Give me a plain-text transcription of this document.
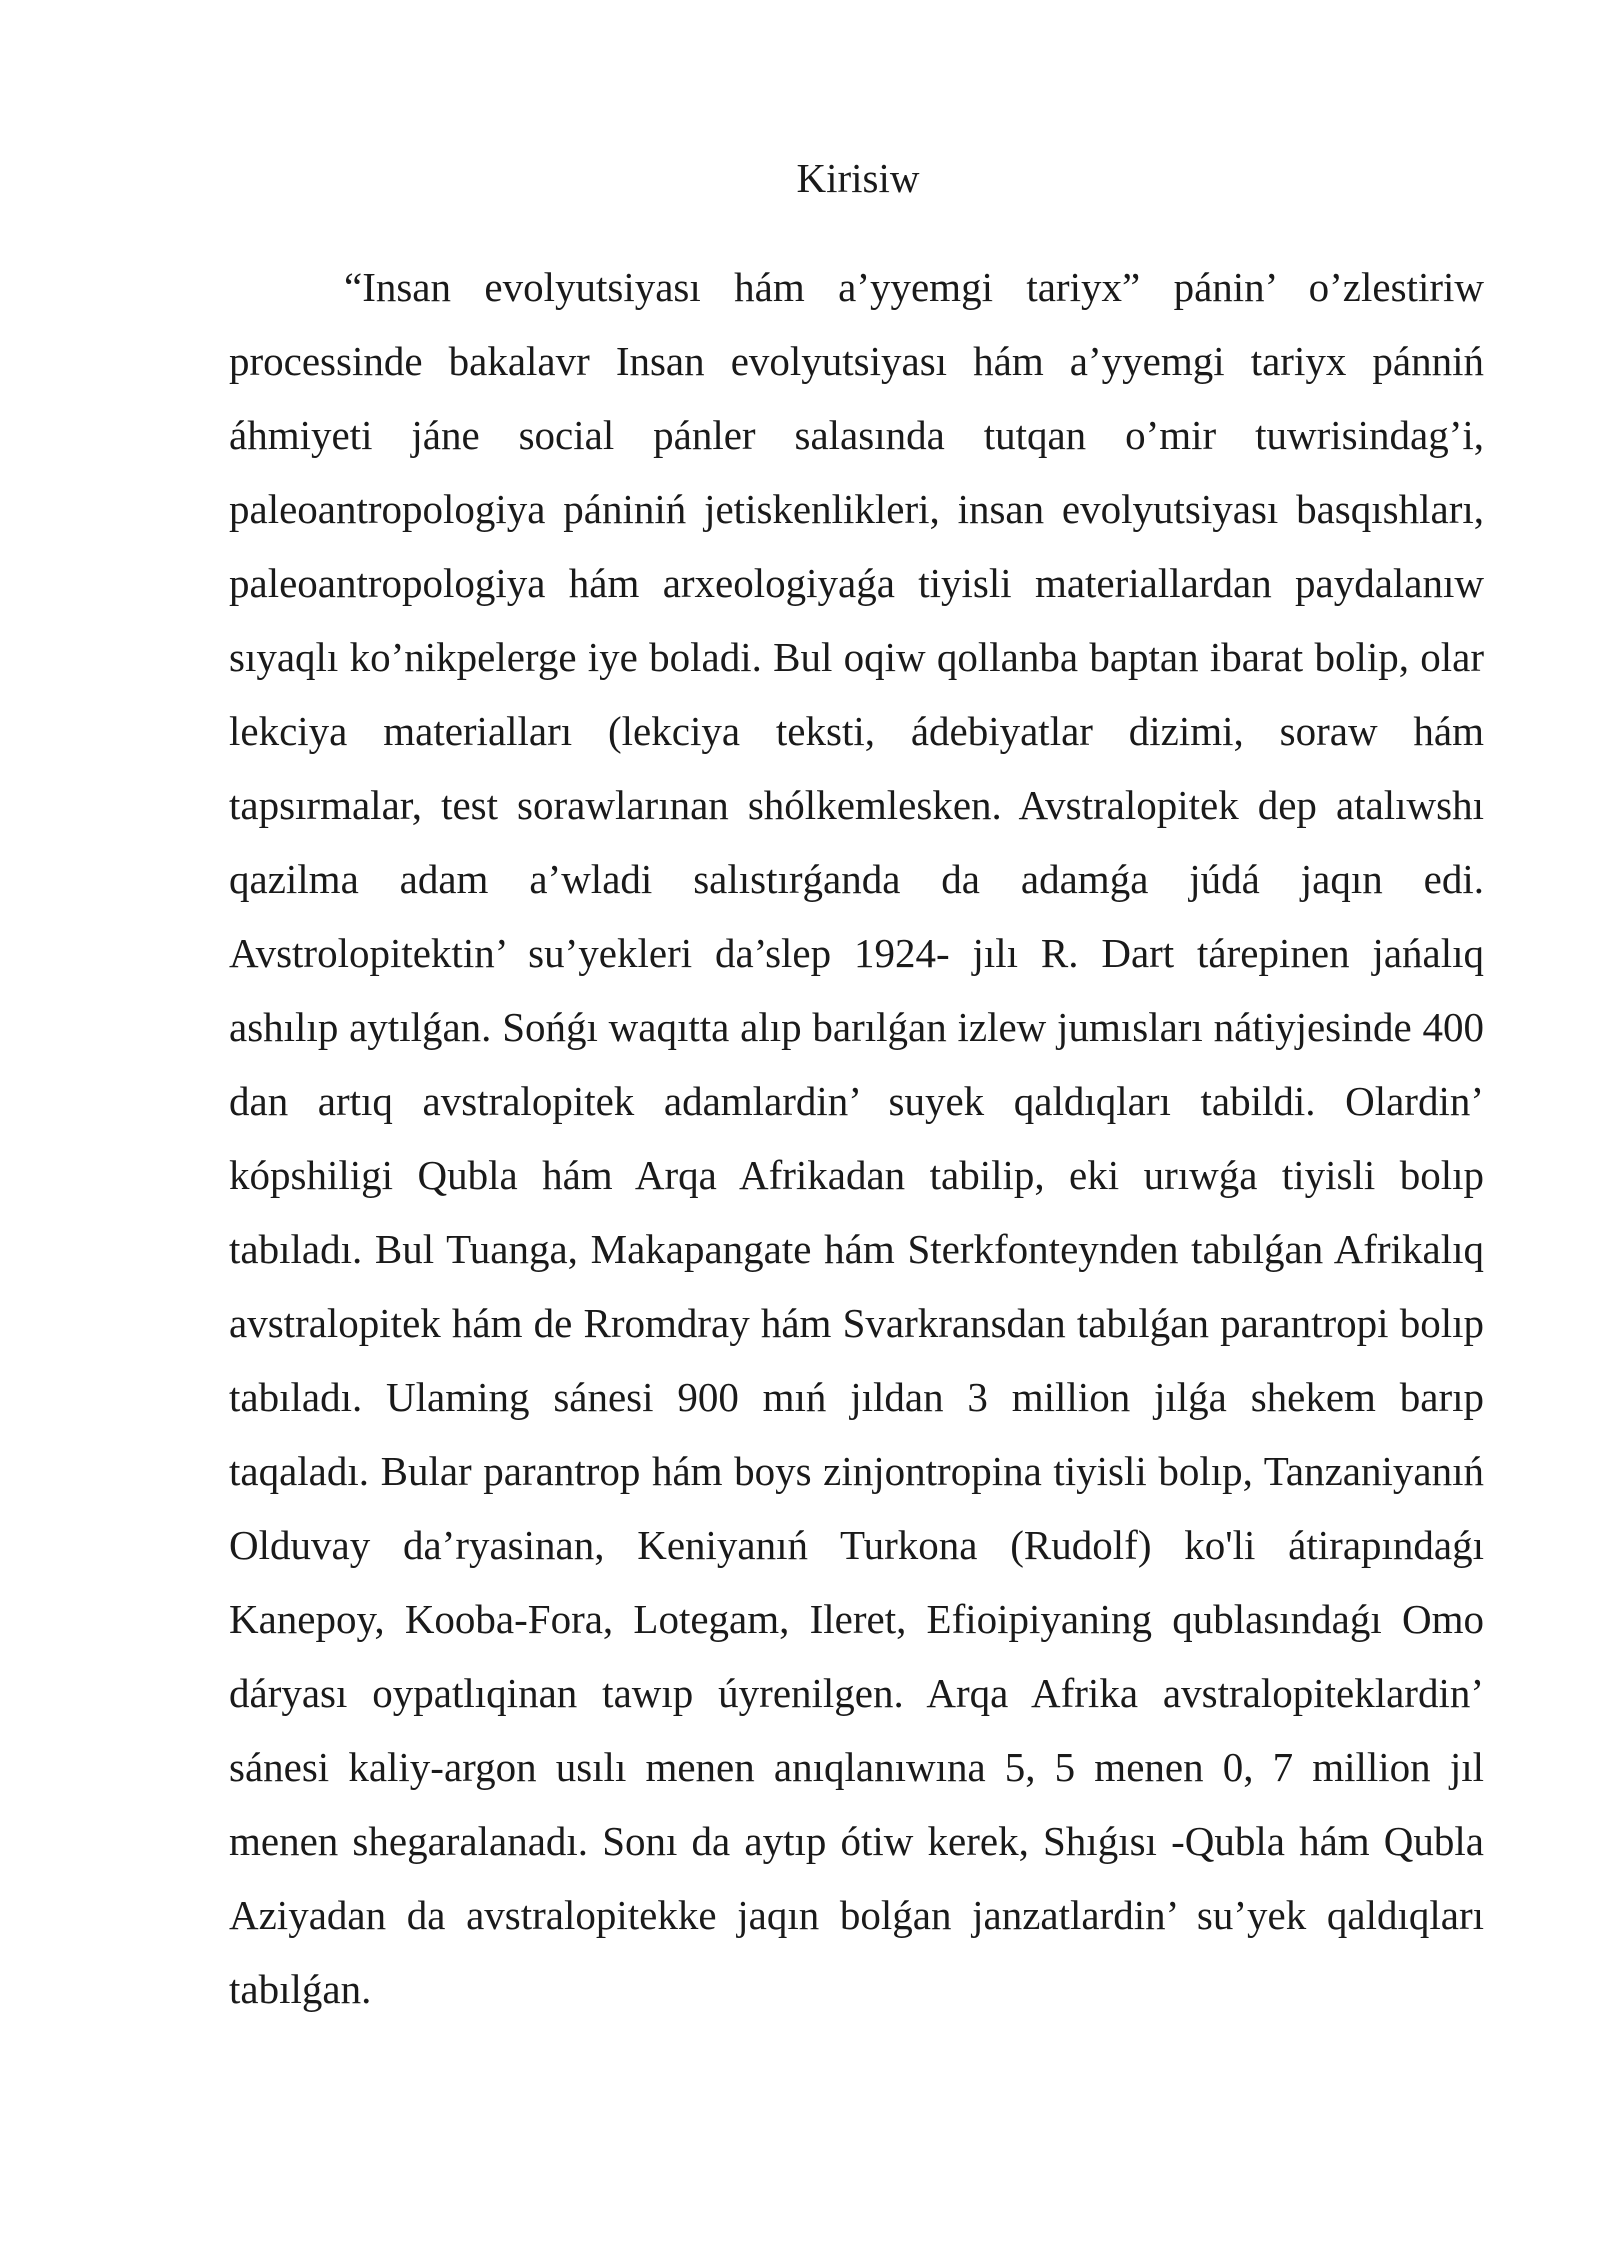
Kirisiw

“Insan evolyutsiyası hám a’yyemgi tariyx” pánin’ o’zlestiriw processinde bakalavr Insan evolyutsiyası hám a’yyemgi tariyx pánniń áhmiyeti jáne social pánler salasında tutqan o’mir tuwrisindag’i, paleoantropologiya pániniń jetiskenlikleri, insan evolyutsiyası basqıshları, paleoantropologiya hám arxeologiyaǵa tiyisli materiallardan paydalanıw sıyaqlı ko’nikpelerge iye boladi. Bul oqiw qollanba baptan ibarat bolip, olar lekciya materialları (lekciya teksti, ádebiyatlar dizimi, soraw hám tapsırmalar, test sorawlarınan shólkemlesken. Avstralopitek dep atalıwshı qazilma adam a’wladi salıstırǵanda da adamǵa júdá jaqın edi. Avstrolopitektin’ su’yekleri da’slep 1924- jılı R. Dart tárepinen jańalıq ashılıp aytılǵan. Sońǵı waqıtta alıp barılǵan izlew jumısları nátiyjesinde 400 dan artıq avstralopitek adamlardin’ suyek qaldıqları tabildi. Olardin’ kópshiligi Qubla hám Arqa Afrikadan tabilip, eki urıwǵa tiyisli bolıp tabıladı. Bul Tuanga, Makapangate hám Sterkfonteynden tabılǵan Afrikalıq avstralopitek hám de Rromdray hám Svarkransdan tabılǵan parantropi bolıp tabıladı. Ulaming sánesi 900 mıń jıldan 3 million jılǵa shekem barıp taqaladı. Bular parantrop hám boys zinjontropina tiyisli bolıp, Tanzaniyanıń Olduvay da’ryasinan, Keniyanıń Turkona (Rudolf) ko'li átirapındaǵı Kanepoy, Kooba-Fora, Lotegam, Ileret, Efioipiyaning qublasındaǵı Omo dáryası oypatlıqinan tawıp úyrenilgen. Arqa Afrika avstralopiteklardin’ sánesi kaliy-argon usılı menen anıqlanıwına 5, 5 menen 0, 7 million jıl menen shegaralanadı. Sonı da aytıp ótiw kerek, Shıǵısı -Qubla hám Qubla Aziyadan da avstralopitekke jaqın bolǵan janzatlardin’ su’yek qaldıqları tabılǵan.
